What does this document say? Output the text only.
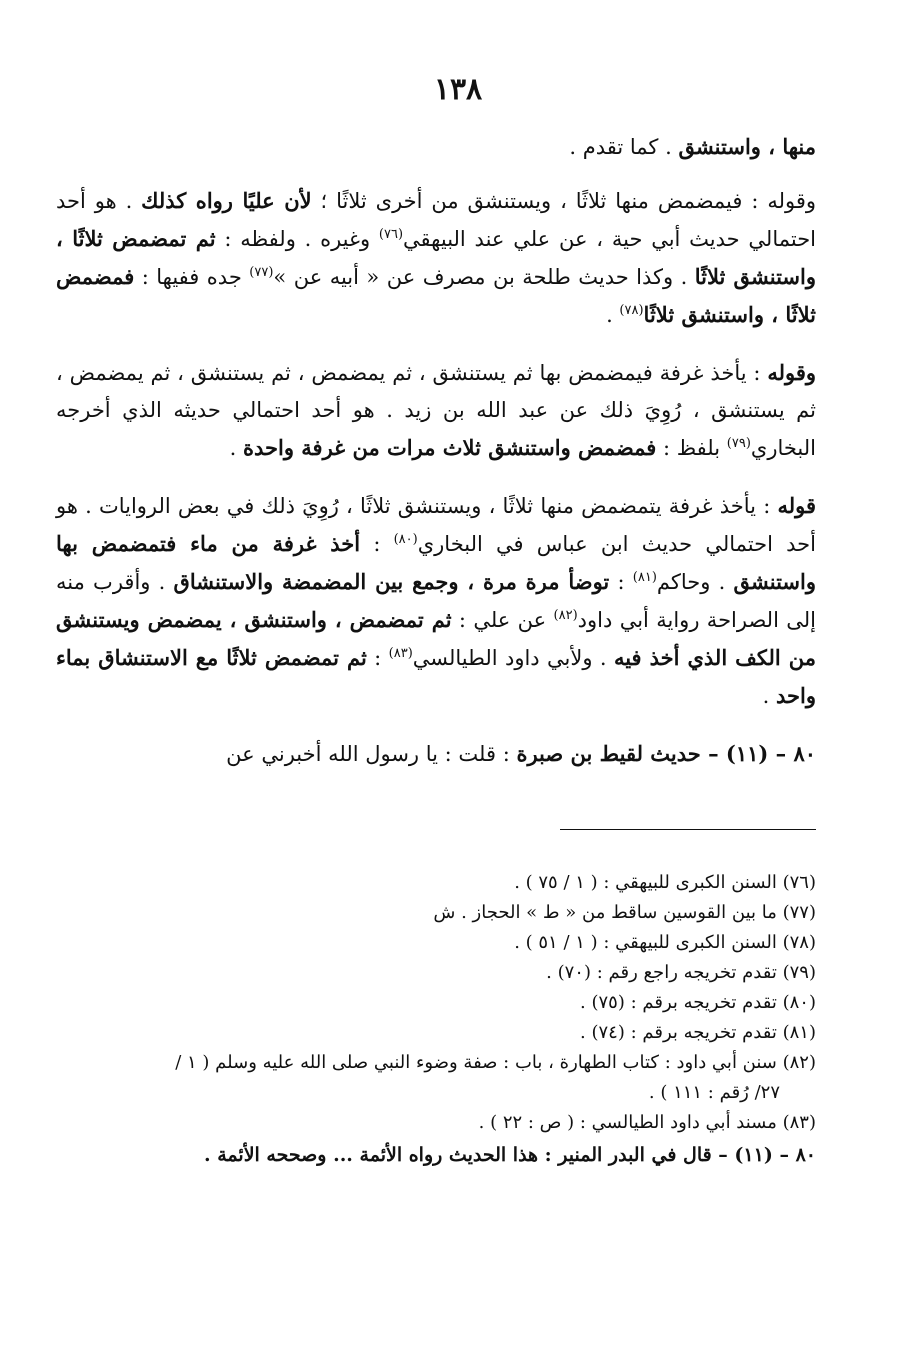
١٣٨

منها ، واستنشق . كما تقدم .

وقوله : فيمضمض منها ثلاثًا ، ويستنشق من أخرى ثلاثًا ؛ لأن عليًا رواه كذلك . هو أحد احتمالي حديث أبي حية ، عن علي عند البيهقي$^{(٧٦)}$ وغيره . ولفظه : ثم تمضمض ثلاثًا ، واستنشق ثلاثًا . وكذا حديث طلحة بن مصرف عن « أبيه عن »$^{(٧٧)}$ جده ففيها : فمضمض ثلاثًا ، واستنشق ثلاثًا$^{(٧٨)}$ .

وقوله : يأخذ غرفة فيمضمض بها ثم يستنشق ، ثم يمضمض ، ثم يستنشق ، ثم يمضمض ، ثم يستنشق ، رُوِيَ ذلك عن عبد الله بن زيد . هو أحد احتمالي حديثه الذي أخرجه البخاري$^{(٧٩)}$ بلفظ : فمضمض واستنشق ثلاث مرات من غرفة واحدة .

قوله : يأخذ غرفة يتمضمض منها ثلاثًا ، ويستنشق ثلاثًا ، رُوِيَ ذلك في بعض الروايات . هو أحد احتمالي حديث ابن عباس في البخاري$^{(٨٠)}$ : أخذ غرفة من ماء فتمضمض بها واستنشق . وحاكم$^{(٨١)}$ : توضأ مرة مرة ، وجمع بين المضمضة والاستنشاق . وأقرب منه إلى الصراحة رواية أبي داود$^{(٨٢)}$ عن علي : ثم تمضمض ، واستنشق ، يمضمض ويستنشق من الكف الذي أخذ فيه . ولأبي داود الطيالسي$^{(٨٣)}$ : ثم تمضمض ثلاثًا مع الاستنشاق بماء واحد .

٨٠ – (١١) – حديث لقيط بن صبرة : قلت : يا رسول الله أخبرني عن

(٧٦) السنن الكبرى للبيهقي : ( ١ / ٧٥ ) .
(٧٧) ما بين القوسين ساقط من « ط » الحجاز . ش
(٧٨) السنن الكبرى للبيهقي : ( ١ / ٥١ ) .
(٧٩) تقدم تخريجه راجع رقم : (٧٠) .
(٨٠) تقدم تخريجه برقم : (٧٥) .
(٨١) تقدم تخريجه برقم : (٧٤) .
(٨٢) سنن أبي داود : كتاب الطهارة ، باب : صفة وضوء النبي صلى الله عليه وسلم ( ١ /
٢٧/ رُقم : ١١١ ) .
(٨٣) مسند أبي داود الطيالسي : ( ص : ٢٢ ) .
٨٠ – (١١) – قال في البدر المنير : هذا الحديث رواه الأئمة ... وصححه الأئمة .
